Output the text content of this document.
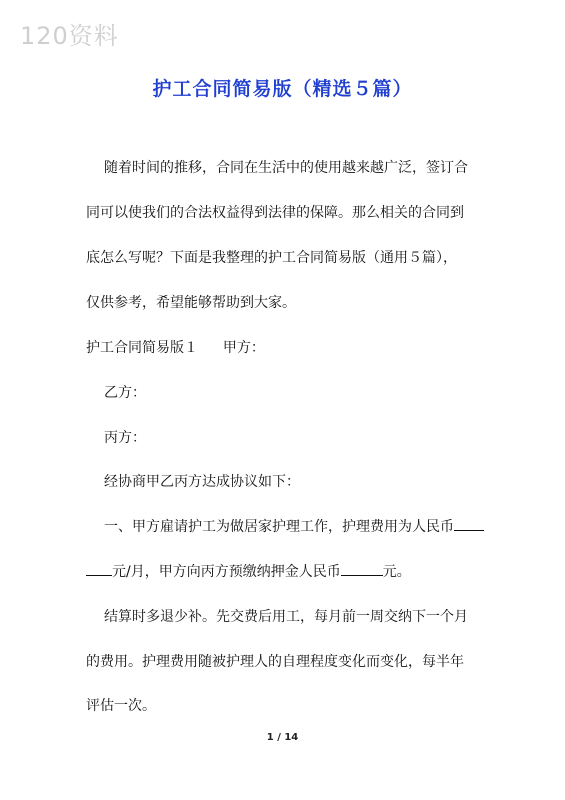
120资料
护工合同简易版（精选５篇）
随着时间的推移，合同在生活中的使用越来越广泛，签订合
同可以使我们的合法权益得到法律的保障。那么相关的合同到
底怎么写呢？下面是我整理的护工合同简易版（通用５篇），
仅供参考，希望能够帮助到大家。
护工合同简易版１ 甲方：
乙方：
丙方：
经协商甲乙丙方达成协议如下：
一、甲方雇请护工为做居家护理工作，护理费用为人民币
元/月，甲方向丙方预缴纳押金人民币	元。
结算时多退少补。先交费后用工，每月前一周交纳下一个月
的费用。护理费用随被护理人的自理程度变化而变化，每半年
评估一次。
1 / 14
